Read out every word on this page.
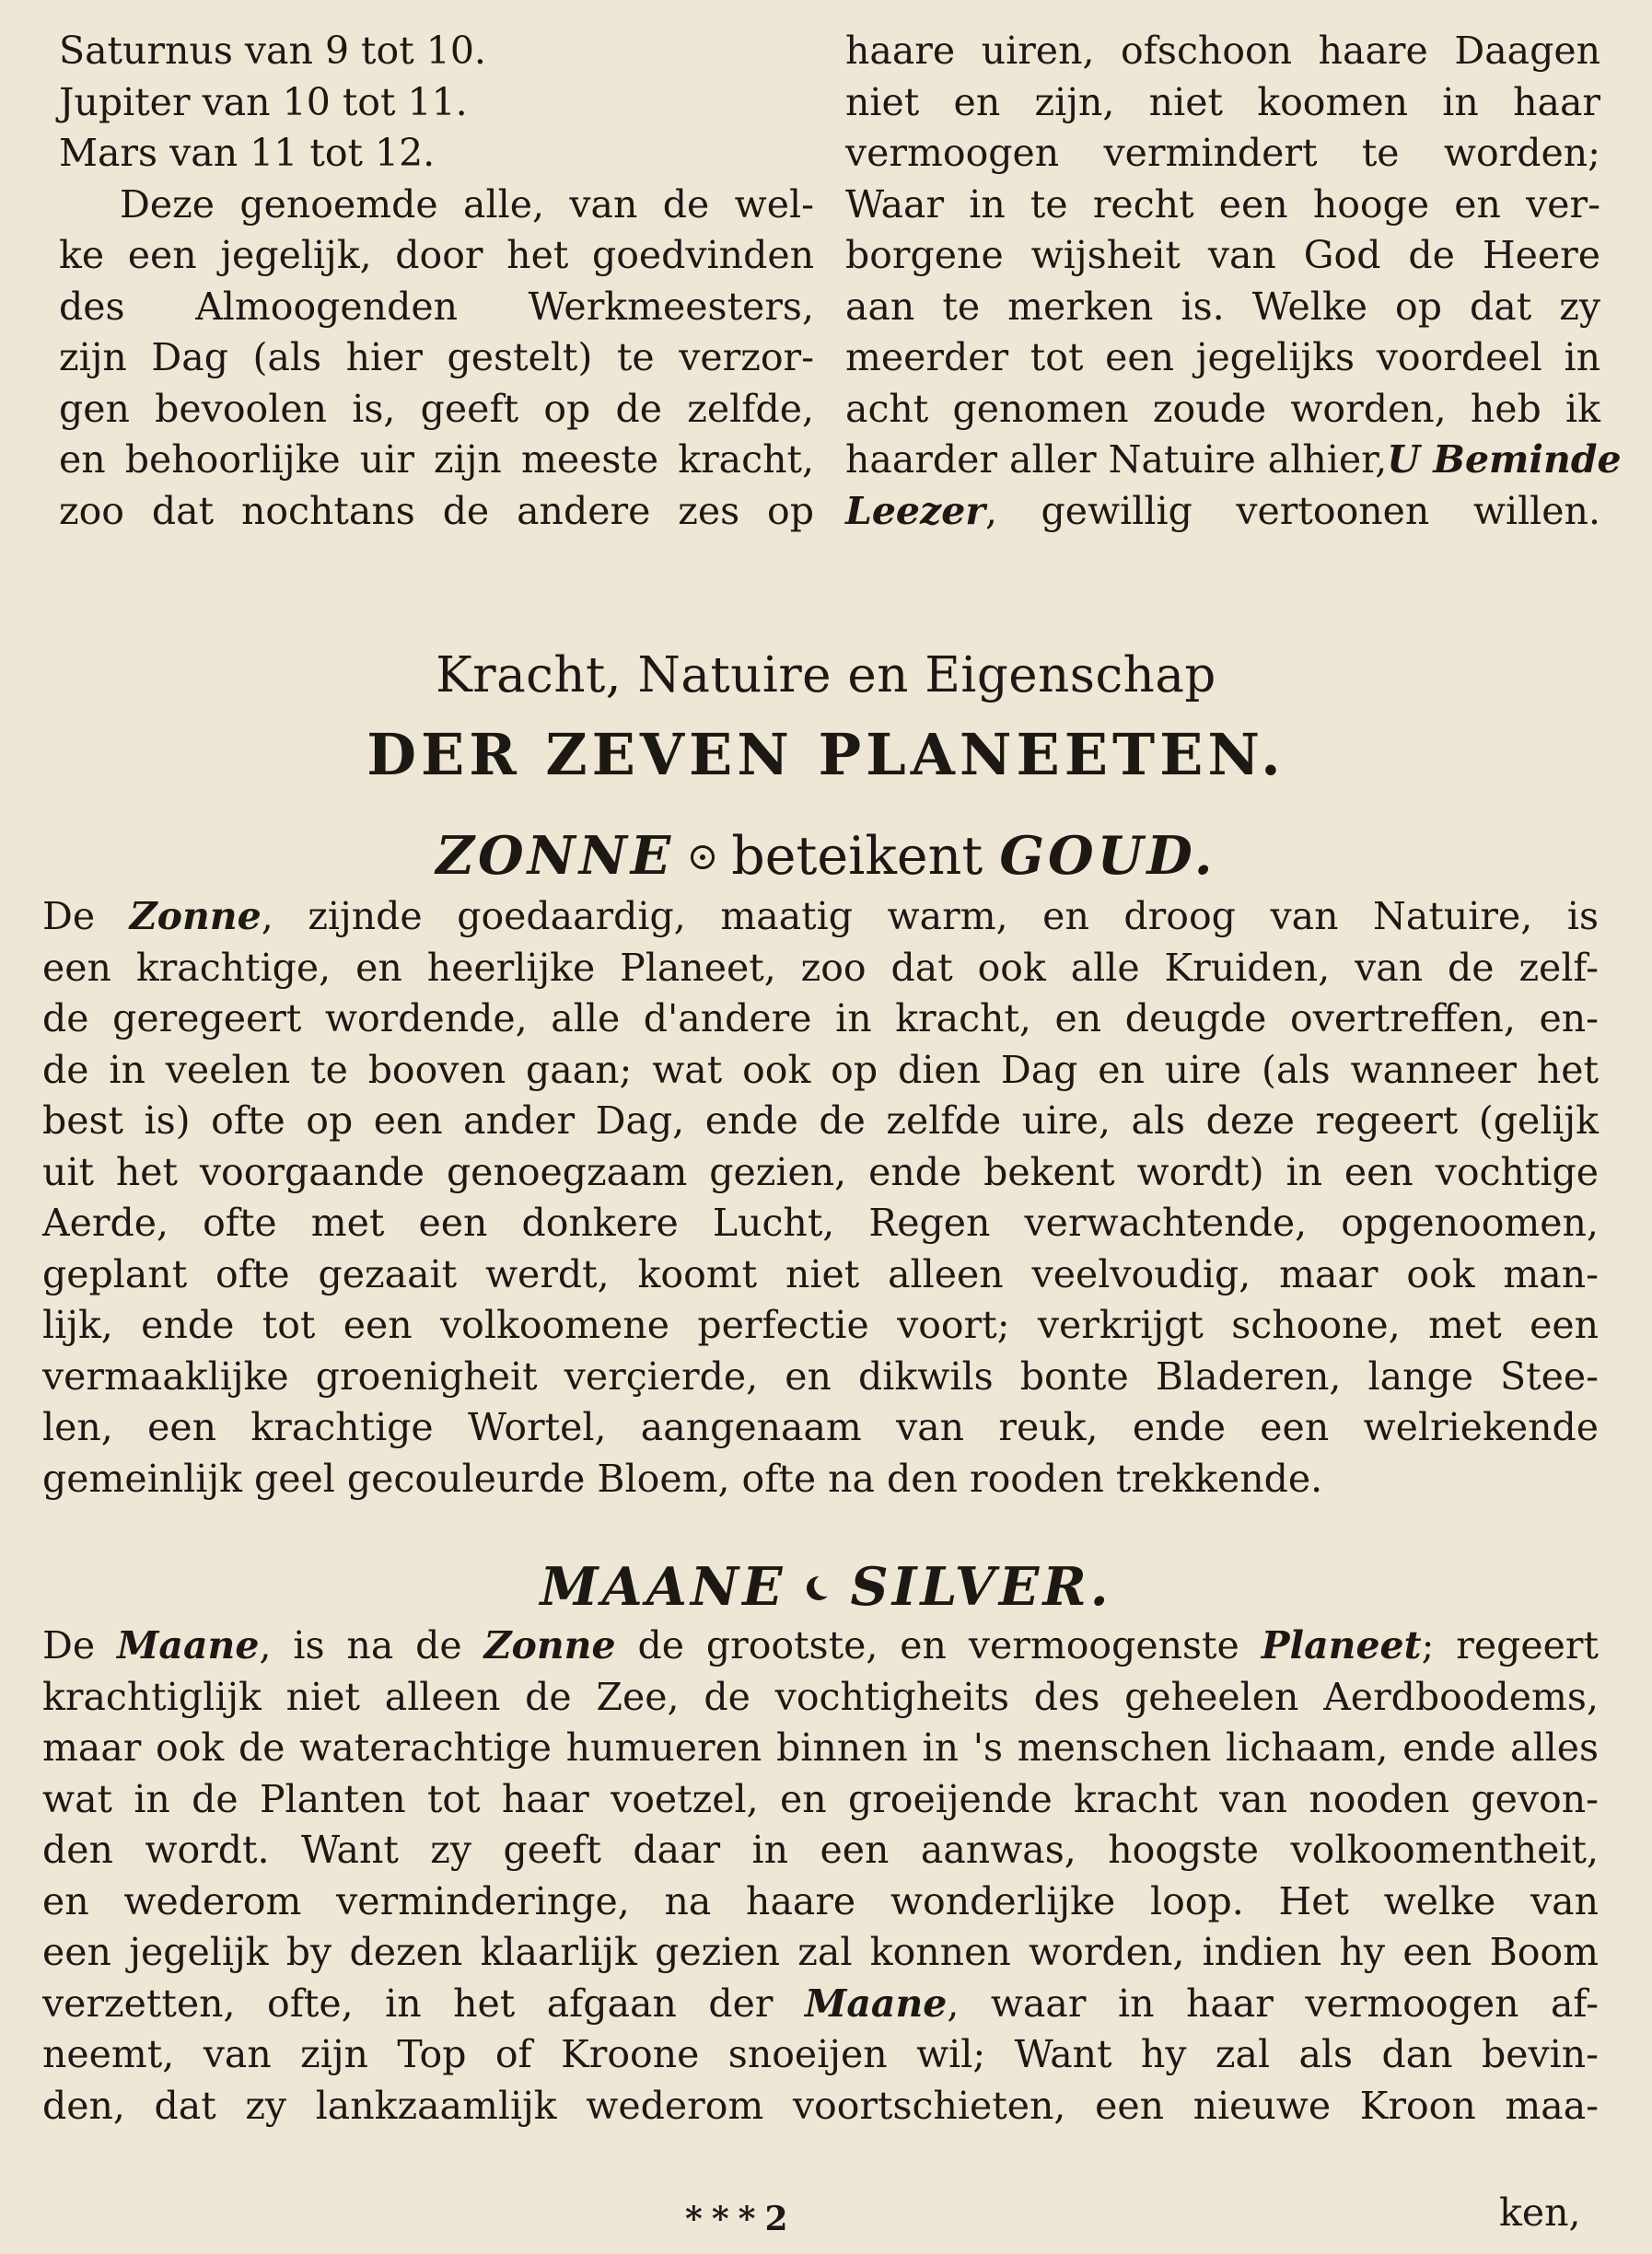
Saturnus van 9 tot 10.
Jupiter van 10 tot 11.
Mars van 11 tot 12.
Deze genoemde alle, van de wel-
ke een jegelijk, door het goedvinden
des Almoogenden Werkmeesters,
zijn Dag (als hier gestelt) te verzor-
gen bevoolen is, geeft op de zelfde,
en behoorlijke uir zijn meeste kracht,
zoo dat nochtans de andere zes op
haare uiren, ofschoon haare Daagen
niet en zijn, niet koomen in haar
vermoogen vermindert te worden;
Waar in te recht een hooge en ver-
borgene wijsheit van God de Heere
aan te merken is. Welke op dat zy
meerder tot een jegelijks voordeel in
acht genomen zoude worden, heb ik
haarder aller Natuire alhier,U Beminde
Leezer, gewillig vertoonen willen.
Kracht, Natuire en Eigenschap
DER ZEVEN PLANEETEN.
ZONNE beteikent GOUD.
De Zonne, zijnde goedaardig, maatig warm, en droog van Natuire, is
een krachtige, en heerlijke Planeet, zoo dat ook alle Kruiden, van de zelf-
de geregeert wordende, alle d'andere in kracht, en deugde overtreffen, en-
de in veelen te booven gaan; wat ook op dien Dag en uire (als wanneer het
best is) ofte op een ander Dag, ende de zelfde uire, als deze regeert (gelijk
uit het voorgaande genoegzaam gezien, ende bekent wordt) in een vochtige
Aerde, ofte met een donkere Lucht, Regen verwachtende, opgenoomen,
geplant ofte gezaait werdt, koomt niet alleen veelvoudig, maar ook man-
lijk, ende tot een volkoomene perfectie voort; verkrijgt schoone, met een
vermaaklijke groenigheit verçierde, en dikwils bonte Bladeren, lange Stee-
len, een krachtige Wortel, aangenaam van reuk, ende een welriekende
gemeinlijk geel gecouleurde Bloem, ofte na den rooden trekkende.
MAANE SILVER.
De Maane, is na de Zonne de grootste, en vermoogenste Planeet; regeert
krachtiglijk niet alleen de Zee, de vochtigheits des geheelen Aerdboodems,
maar ook de waterachtige humueren binnen in 's menschen lichaam, ende alles
wat in de Planten tot haar voetzel, en groeijende kracht van nooden gevon-
den wordt. Want zy geeft daar in een aanwas, hoogste volkoomentheit,
en wederom verminderinge, na haare wonderlijke loop. Het welke van
een jegelijk by dezen klaarlijk gezien zal konnen worden, indien hy een Boom
verzetten, ofte, in het afgaan der Maane, waar in haar vermoogen af-
neemt, van zijn Top of Kroone snoeijen wil; Want hy zal als dan bevin-
den, dat zy lankzaamlijk wederom voortschieten, een nieuwe Kroon maa-
***2	ken,
